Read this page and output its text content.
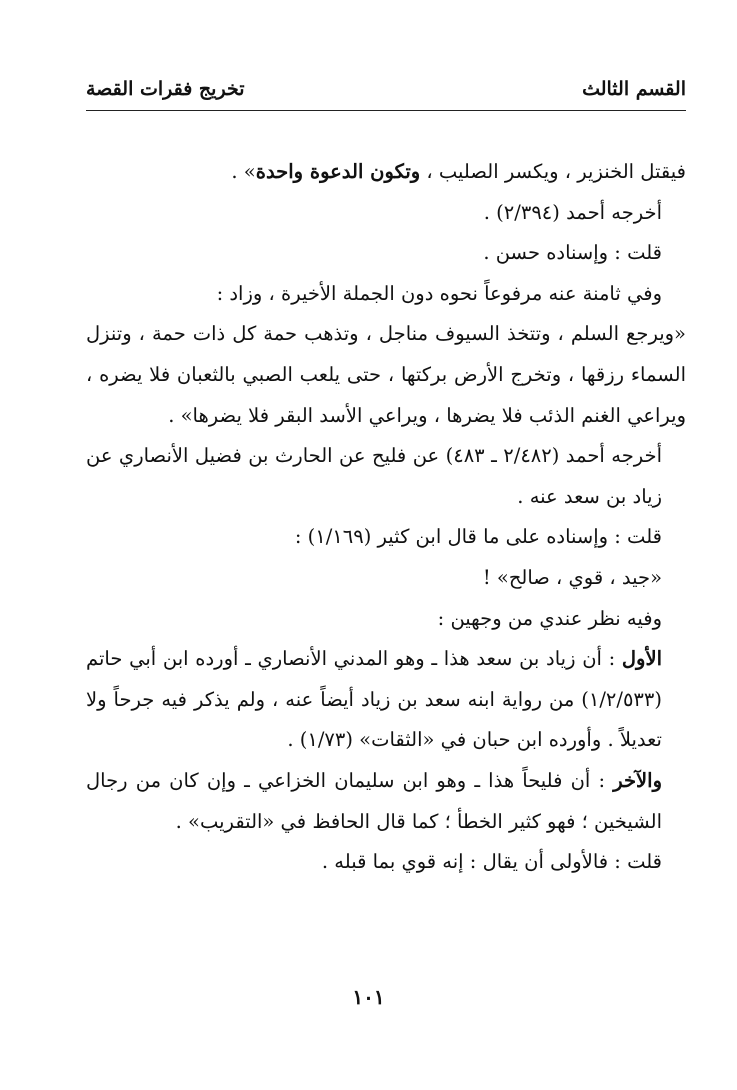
القسم الثالث
تخريج فقرات القصة

فيقتل الخنزير ، ويكسر الصليب ، وتكون الدعوة واحدة» .

أخرجه أحمد (٢/٣٩٤) .

قلت : وإسناده حسن .

وفي ثامنة عنه مرفوعاً نحوه دون الجملة الأخيرة ، وزاد :

«ويرجع السلم ، وتتخذ السيوف مناجل ، وتذهب حمة كل ذات حمة ، وتنزل السماء رزقها ، وتخرج الأرض بركتها ، حتى يلعب الصبي بالثعبان فلا يضره ، ويراعي الغنم الذئب فلا يضرها ، ويراعي الأسد البقر فلا يضرها» .

أخرجه أحمد (٢/٤٨٢ ـ ٤٨٣) عن فليح عن الحارث بن فضيل الأنصاري عن زياد بن سعد عنه .

قلت : وإسناده على ما قال ابن كثير (١/١٦٩) :

«جيد ، قوي ، صالح» !

وفيه نظر عندي من وجهين :

الأول : أن زياد بن سعد هذا ـ وهو المدني الأنصاري ـ أورده ابن أبي حاتم (١/٢/٥٣٣) من رواية ابنه سعد بن زياد أيضاً عنه ، ولم يذكر فيه جرحاً ولا تعديلاً . وأورده ابن حبان في «الثقات» (١/٧٣) .

والآخر : أن فليحاً هذا ـ وهو ابن سليمان الخزاعي ـ وإن كان من رجال الشيخين ؛ فهو كثير الخطأ ؛ كما قال الحافظ في «التقريب» .

قلت : فالأولى أن يقال : إنه قوي بما قبله .

١٠١
